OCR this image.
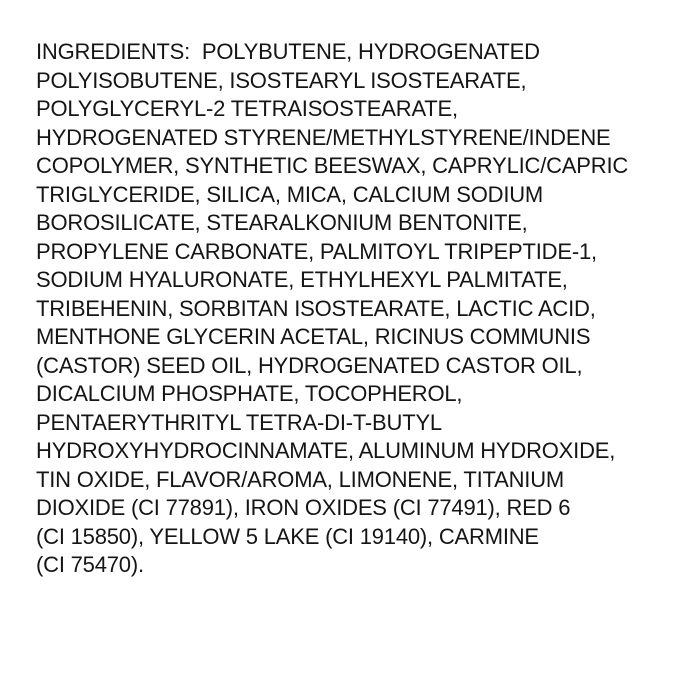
INGREDIENTS:  POLYBUTENE, HYDROGENATED
POLYISOBUTENE, ISOSTEARYL ISOSTEARATE,
POLYGLYCERYL-2 TETRAISOSTEARATE,
HYDROGENATED STYRENE/METHYLSTYRENE/INDENE
COPOLYMER, SYNTHETIC BEESWAX, CAPRYLIC/CAPRIC
TRIGLYCERIDE, SILICA, MICA, CALCIUM SODIUM
BOROSILICATE, STEARALKONIUM BENTONITE,
PROPYLENE CARBONATE, PALMITOYL TRIPEPTIDE-1,
SODIUM HYALURONATE, ETHYLHEXYL PALMITATE,
TRIBEHENIN, SORBITAN ISOSTEARATE, LACTIC ACID,
MENTHONE GLYCERIN ACETAL, RICINUS COMMUNIS
(CASTOR) SEED OIL, HYDROGENATED CASTOR OIL,
DICALCIUM PHOSPHATE, TOCOPHEROL,
PENTAERYTHRITYL TETRA-DI-T-BUTYL
HYDROXYHYDROCINNAMATE, ALUMINUM HYDROXIDE,
TIN OXIDE, FLAVOR/AROMA, LIMONENE, TITANIUM
DIOXIDE (CI 77891), IRON OXIDES (CI 77491), RED 6
(CI 15850), YELLOW 5 LAKE (CI 19140), CARMINE
(CI 75470).
